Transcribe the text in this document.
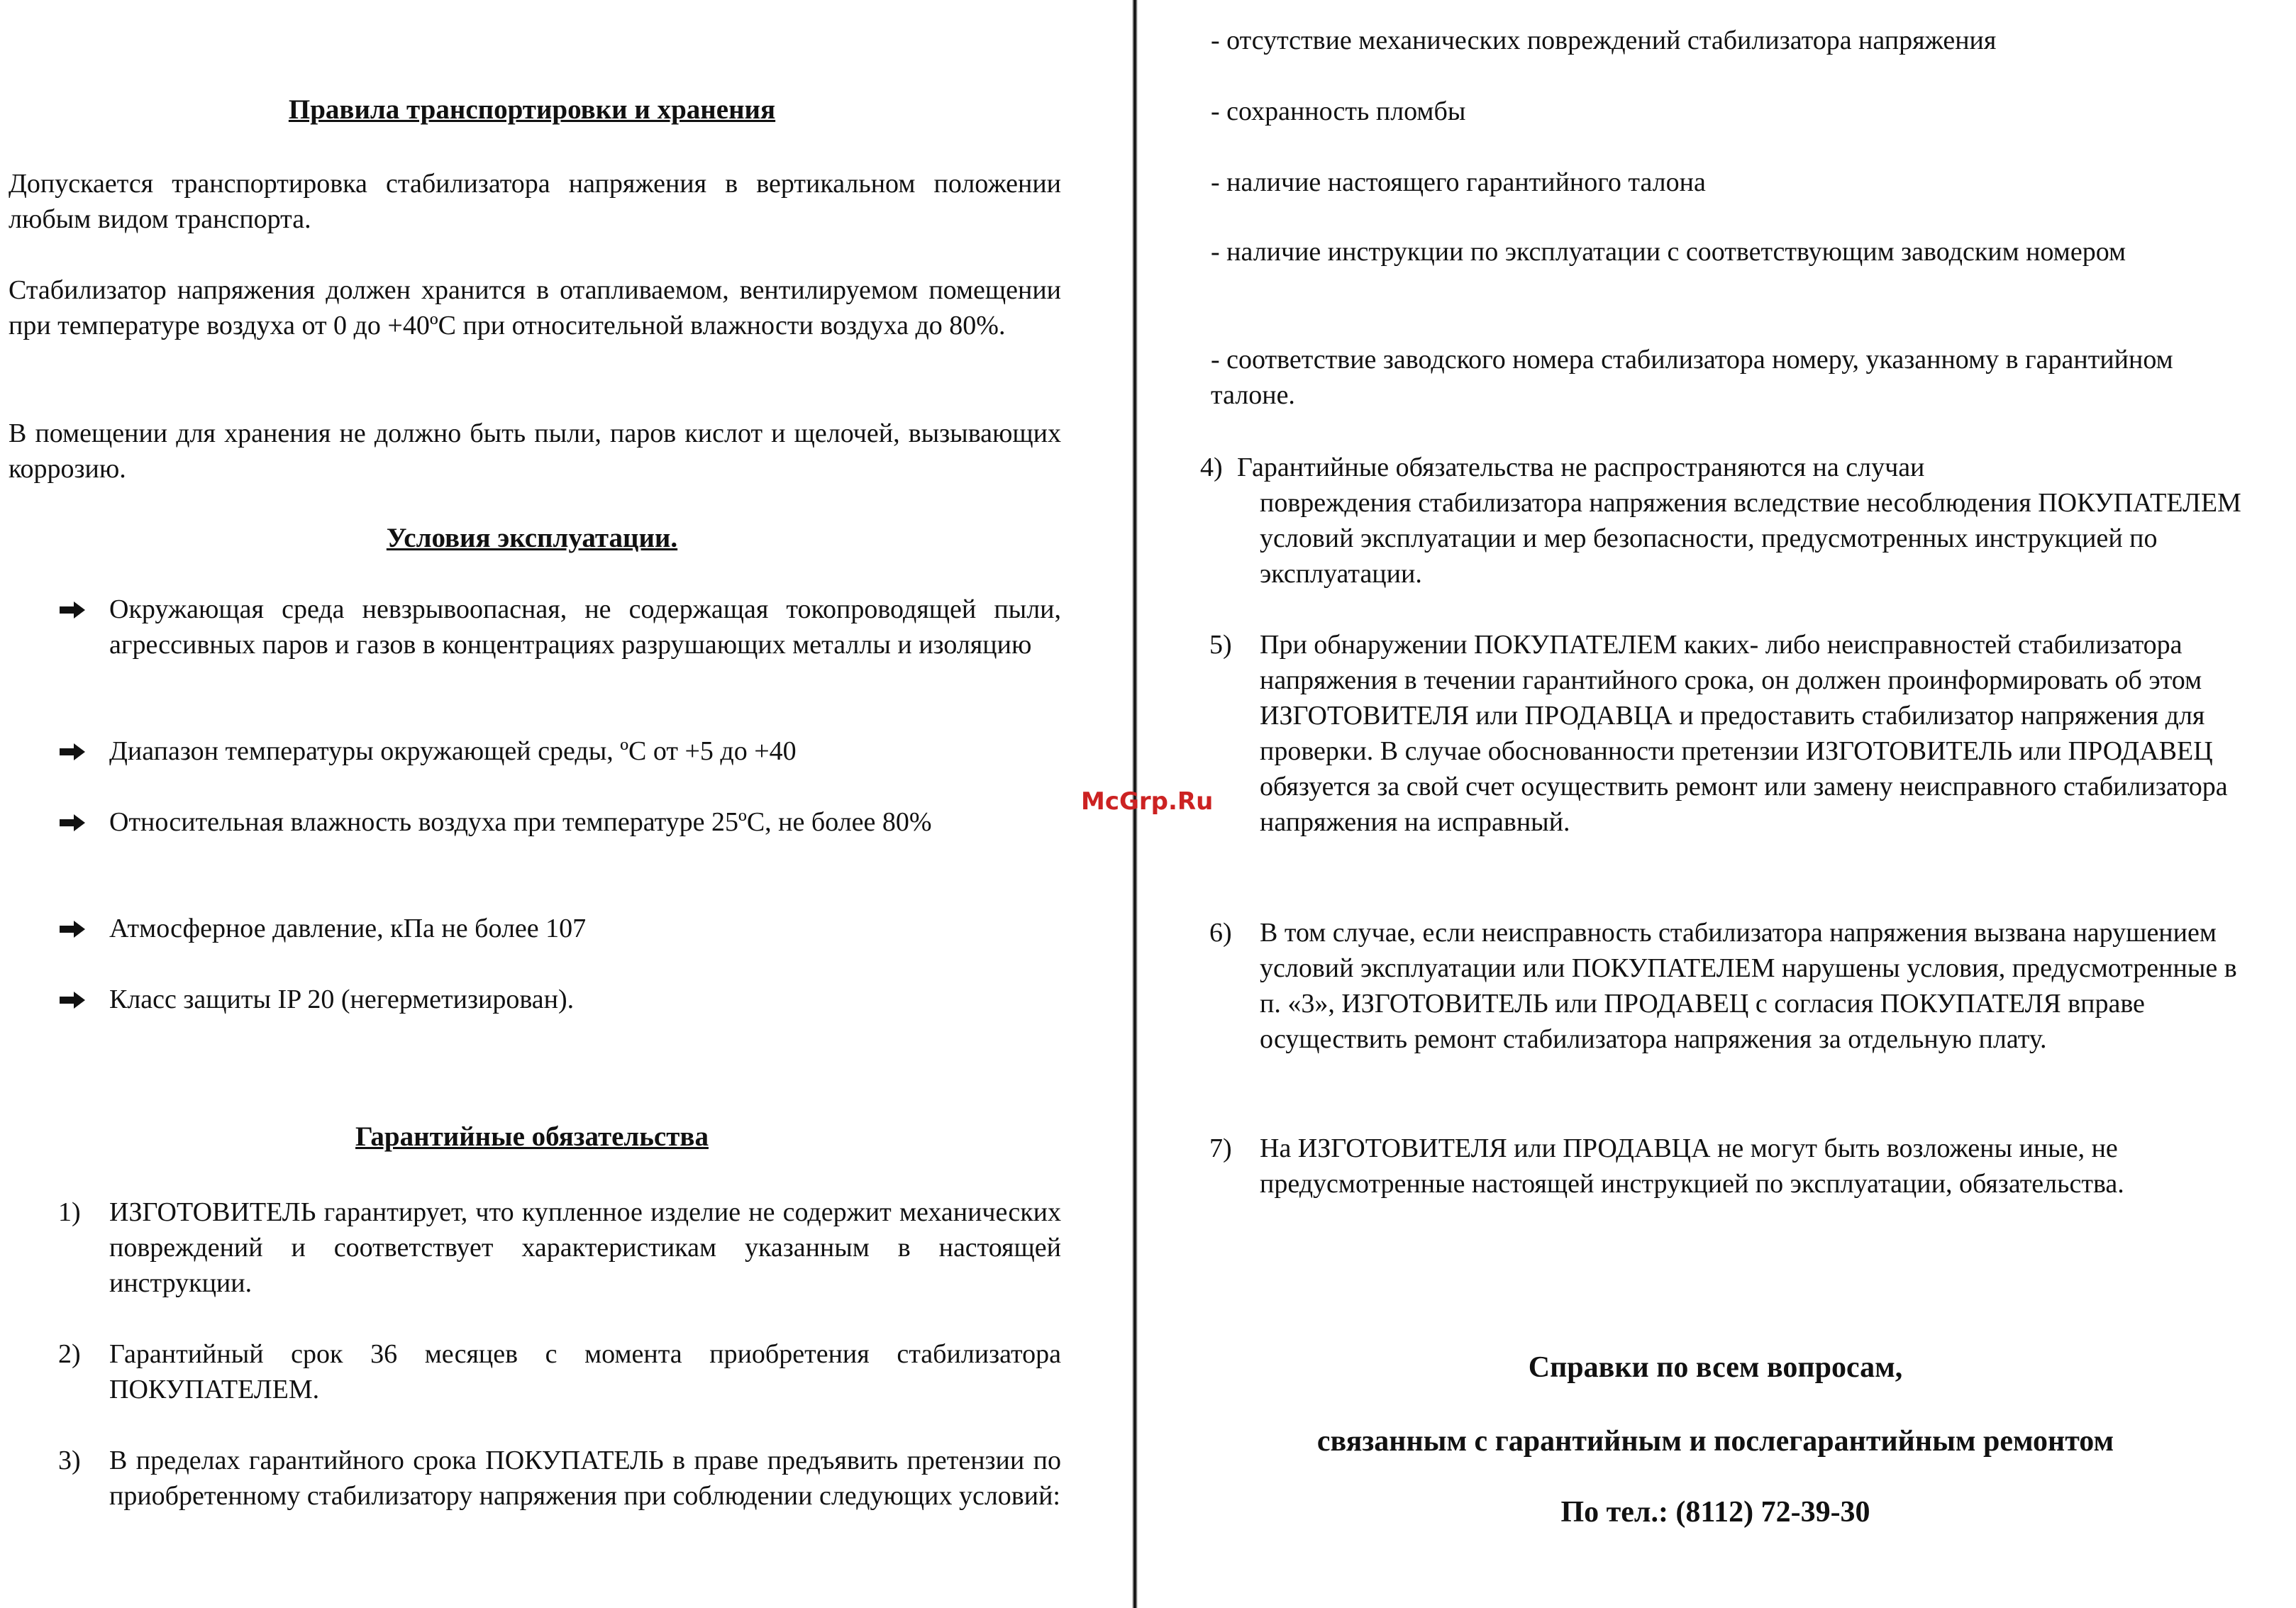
Правила транспортировки и хранения

Допускается транспортировка стабилизатора напряжения в вертикальном положении любым видом транспорта.

Стабилизатор напряжения должен хранится в отапливаемом, вентилируемом помещении при температуре воздуха от 0 до +40ºС при относительной влажности воздуха до 80%.

В помещении для хранения не должно быть пыли, паров кислот и щелочей, вызывающих коррозию.

Условия эксплуатации.

Окружающая среда невзрывоопасная, не содержащая токопроводящей пыли, агрессивных паров и газов в концентрациях разрушающих металлы и изоляцию

Диапазон температуры окружающей среды, ºС от +5 до +40

Относительная влажность воздуха при температуре 25ºС, не более 80%

Атмосферное давление, кПа не более 107

Класс защиты IP 20 (негерметизирован).

Гарантийные обязательства
1) ИЗГОТОВИТЕЛЬ гарантирует, что купленное изделие не содержит механических повреждений и соответствует характеристикам указанным в настоящей инструкции.

2) Гарантийный срок 36 месяцев с момента приобретения стабилизатора ПОКУПАТЕЛЕМ.

3) В пределах гарантийного срока ПОКУПАТЕЛЬ в праве предъявить претензии по приобретенному стабилизатору напряжения при соблюдении следующих условий:

- отсутствие механических повреждений стабилизатора напряжения

- сохранность пломбы

- наличие настоящего гарантийного талона

- наличие инструкции по эксплуатации с соответствующим заводским номером

- соответствие заводского номера стабилизатора номеру, указанному в гарантийном талоне.

4) Гарантийные обязательства не распространяются на случаи

повреждения стабилизатора напряжения вследствие несоблюдения ПОКУПАТЕЛЕМ условий эксплуатации и мер безопасности, предусмотренных инструкцией по эксплуатации.

5) При обнаружении ПОКУПАТЕЛЕМ каких- либо неисправностей стабилизатора напряжения в течении гарантийного срока, он должен проинформировать об этом ИЗГОТОВИТЕЛЯ или ПРОДАВЦА и предоставить стабилизатор напряжения для проверки. В случае обоснованности претензии ИЗГОТОВИТЕЛЬ или ПРОДАВЕЦ обязуется за свой счет осуществить ремонт или замену неисправного стабилизатора напряжения на исправный.

6) В том случае, если неисправность стабилизатора напряжения вызвана нарушением условий эксплуатации или ПОКУПАТЕЛЕМ нарушены условия, предусмотренные в п. «3», ИЗГОТОВИТЕЛЬ или ПРОДАВЕЦ с согласия ПОКУПАТЕЛЯ вправе осуществить ремонт стабилизатора напряжения за отдельную плату.

7) На ИЗГОТОВИТЕЛЯ или ПРОДАВЦА не могут быть возложены иные, не предусмотренные настоящей инструкцией по эксплуатации, обязательства.

Справки по всем вопросам,

связанным с гарантийным и послегарантийным ремонтом

По тел.: (8112) 72-39-30

McGrp.Ru
